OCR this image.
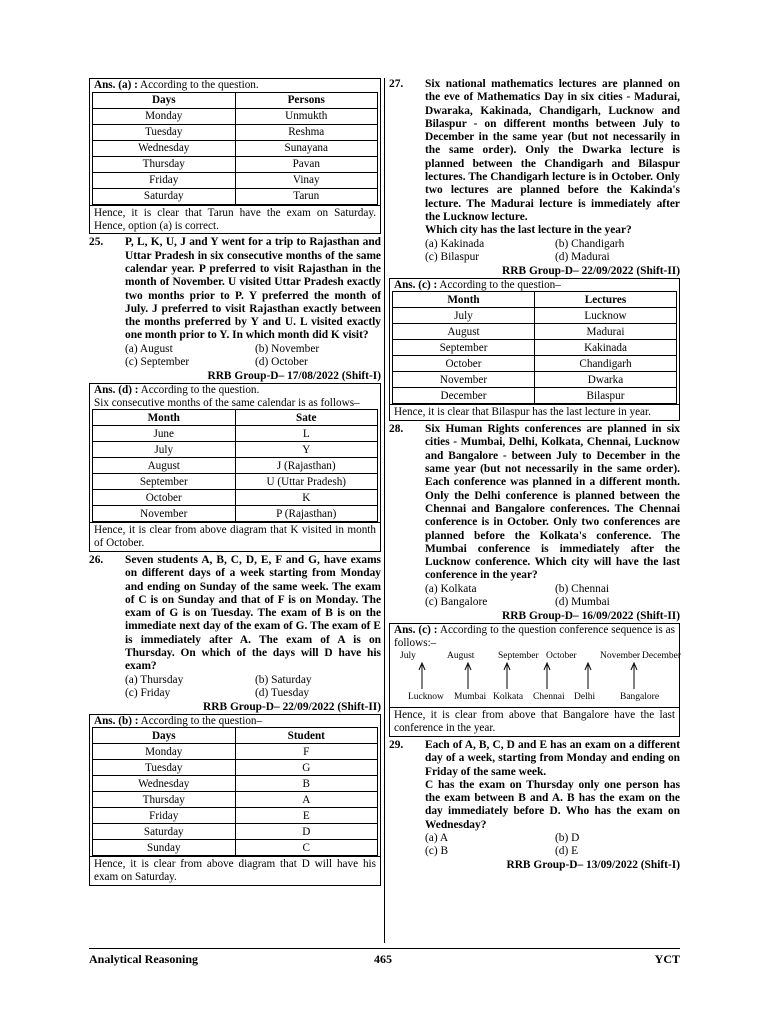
Ans. (a) : According to the question.
Days	Persons
Monday	Unmukth
Tuesday	Reshma
Wednesday	Sunayana
Thursday	Pavan
Friday	Vinay
Saturday	Tarun
Hence, it is clear that Tarun have the exam on Saturday. Hence, option (a) is correct.
25.	P, L, K, U, J and Y went for a trip to Rajasthan and Uttar Pradesh in six consecutive months of the same calendar year. P preferred to visit Rajasthan in the month of November. U visited Uttar Pradesh exactly two months prior to P. Y preferred the month of July. J preferred to visit Rajasthan exactly between the months preferred by Y and U. L visited exactly one month prior to Y. In which month did K visit?
(a) August	(b) November
(c) September	(d) October
RRB Group-D– 17/08/2022 (Shift-I)
Ans. (d) : According to the question.
Six consecutive months of the same calendar is as follows–
Month	Sate
June	L
July	Y
August	J (Rajasthan)
September	U (Uttar Pradesh)
October	K
November	P (Rajasthan)
Hence, it is clear from above diagram that K visited in month of October.
26.	Seven students A, B, C, D, E, F and G, have exams on different days of a week starting from Monday and ending on Sunday of the same week. The exam of C is on Sunday and that of F is on Monday. The exam of G is on Tuesday. The exam of B is on the immediate next day of the exam of G. The exam of E is immediately after A. The exam of A is on Thursday. On which of the days will D have his exam?
(a) Thursday	(b) Saturday
(c) Friday	(d) Tuesday
RRB Group-D– 22/09/2022 (Shift-II)
Ans. (b) : According to the question–
Days	Student
Monday	F
Tuesday	G
Wednesday	B
Thursday	A
Friday	E
Saturday	D
Sunday	C
Hence, it is clear from above diagram that D will have his exam on Saturday.
27.	Six national mathematics lectures are planned on the eve of Mathematics Day in six cities - Madurai, Dwaraka, Kakinada, Chandigarh, Lucknow and Bilaspur - on different months between July to December in the same year (but not necessarily in the same order). Only the Dwarka lecture is planned between the Chandigarh and Bilaspur lectures. The Chandigarh lecture is in October. Only two lectures are planned before the Kakinda's lecture. The Madurai lecture is immediately after the Lucknow lecture.
Which city has the last lecture in the year?
(a) Kakinada	(b) Chandigarh
(c) Bilaspur	(d) Madurai
RRB Group-D– 22/09/2022 (Shift-II)
Ans. (c) : According to the question–
Month	Lectures
July	Lucknow
August	Madurai
September	Kakinada
October	Chandigarh
November	Dwarka
December	Bilaspur
Hence, it is clear that Bilaspur has the last lecture in year.
28.	Six Human Rights conferences are planned in six cities - Mumbai, Delhi, Kolkata, Chennai, Lucknow and Bangalore - between July to December in the same year (but not necessarily in the same order). Each conference was planned in a different month. Only the Delhi conference is planned between the Chennai and Bangalore conferences. The Chennai conference is in October. Only two conferences are planned before the Kolkata's conference. The Mumbai conference is immediately after the Lucknow conference. Which city will have the last conference in the year?
(a) Kolkata	(b) Chennai
(c) Bangalore	(d) Mumbai
RRB Group-D– 16/09/2022 (Shift-II)
Ans. (c) : According to the question conference sequence is as follows:–
July	August September October November December
Lucknow Mumbai Kolkata Chennai Delhi	Bangalore
Hence, it is clear from above that Bangalore have the last conference in the year.
29.	Each of A, B, C, D and E has an exam on a different day of a week, starting from Monday and ending on Friday of the same week.
C has the exam on Thursday only one person has the exam between B and A. B has the exam on the day immediately before D. Who has the exam on Wednesday?
(a) A	(b) D
(c) B	(d) E
RRB Group-D– 13/09/2022 (Shift-I)
Analytical Reasoning	465	YCT
